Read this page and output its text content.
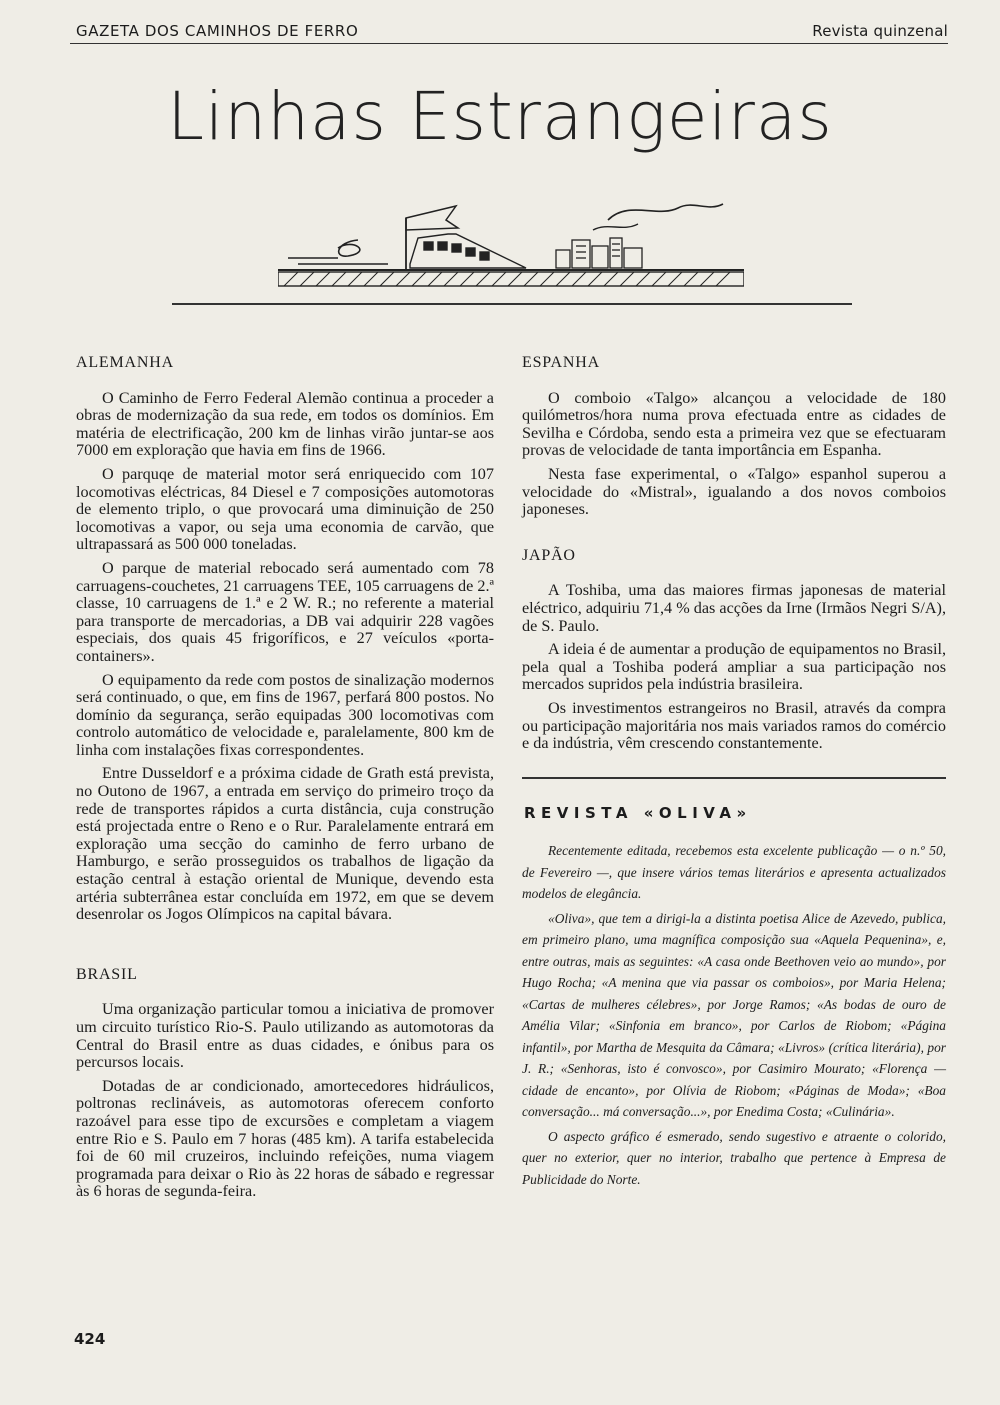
GAZETA DOS CAMINHOS DE FERRO	Revista quinzenal
Linhas Estrangeiras
ALEMANHA

O Caminho de Ferro Federal Alemão continua a proceder a obras de modernização da sua rede, em todos os domínios. Em matéria de electrificação, 200 km de linhas virão juntar-se aos 7000 em exploração que havia em fins de 1966.

O parquqe de material motor será enriquecido com 107 locomotivas eléctricas, 84 Diesel e 7 composições automotoras de elemento triplo, o que provocará uma diminuição de 250 locomotivas a vapor, ou seja uma economia de carvão, que ultrapassará as 500 000 toneladas.

O parque de material rebocado será aumentado com 78 carruagens-couchetes, 21 carruagens TEE, 105 carruagens de 2.ª classe, 10 carruagens de 1.ª e 2 W. R.; no referente a material para transporte de mercadorias, a DB vai adquirir 228 vagões especiais, dos quais 45 frigoríficos, e 27 veículos «porta-containers».

O equipamento da rede com postos de sinalização modernos será continuado, o que, em fins de 1967, perfará 800 postos. No domínio da segurança, serão equipadas 300 locomotivas com controlo automático de velocidade e, paralelamente, 800 km de linha com instalações fixas correspondentes.

Entre Dusseldorf e a próxima cidade de Grath está prevista, no Outono de 1967, a entrada em serviço do primeiro troço da rede de transportes rápidos a curta distância, cuja construção está projectada entre o Reno e o Rur. Paralelamente entrará em exploração uma secção do caminho de ferro urbano de Hamburgo, e serão prosseguidos os trabalhos de ligação da estação central à estação oriental de Munique, devendo esta artéria subterrânea estar concluída em 1972, em que se devem desenrolar os Jogos Olímpicos na capital bávara.

BRASIL

Uma organização particular tomou a iniciativa de promover um circuito turístico Rio-S. Paulo utilizando as automotoras da Central do Brasil entre as duas cidades, e ónibus para os percursos locais.

Dotadas de ar condicionado, amortecedores hidráulicos, poltronas reclináveis, as automotoras oferecem conforto razoável para esse tipo de excursões e completam a viagem entre Rio e S. Paulo em 7 horas (485 km). A tarifa estabelecida foi de 60 mil cruzeiros, incluindo refeições, numa viagem programada para deixar o Rio às 22 horas de sábado e regressar às 6 horas de segunda-feira.

ESPANHA

O comboio «Talgo» alcançou a velocidade de 180 quilómetros/hora numa prova efectuada entre as cidades de Sevilha e Córdoba, sendo esta a primeira vez que se efectuaram provas de velocidade de tanta importância em Espanha.

Nesta fase experimental, o «Talgo» espanhol superou a velocidade do «Mistral», igualando a dos novos comboios japoneses.

JAPÃO

A Toshiba, uma das maiores firmas japonesas de material eléctrico, adquiriu 71,4 % das acções da Irne (Irmãos Negri S/A), de S. Paulo.

A ideia é de aumentar a produção de equipamentos no Brasil, pela qual a Toshiba poderá ampliar a sua participação nos mercados supridos pela indústria brasileira.

Os investimentos estrangeiros no Brasil, através da compra ou participação majoritária nos mais variados ramos do comércio e da indústria, vêm crescendo constantemente.

REVISTA «OLIVA»

Recentemente editada, recebemos esta excelente publicação — o n.º 50, de Fevereiro —, que insere vários temas literários e apresenta actualizados modelos de elegância.

«Oliva», que tem a dirigi-la a distinta poetisa Alice de Azevedo, publica, em primeiro plano, uma magnífica composição sua «Aquela Pequenina», e, entre outras, mais as seguintes: «A casa onde Beethoven veio ao mundo», por Hugo Rocha; «A menina que via passar os comboios», por Maria Helena; «Cartas de mulheres célebres», por Jorge Ramos; «As bodas de ouro de Amélia Vilar; «Sinfonia em branco», por Carlos de Riobom; «Página infantil», por Martha de Mesquita da Câmara; «Livros» (crítica literária), por J. R.; «Senhoras, isto é convosco», por Casimiro Mourato; «Florença — cidade de encanto», por Olívia de Riobom; «Páginas de Moda»; «Boa conversação... má conversação...», por Enedima Costa; «Culinária».

O aspecto gráfico é esmerado, sendo sugestivo e atraente o colorido, quer no exterior, quer no interior, trabalho que pertence à Empresa de Publicidade do Norte.

424
